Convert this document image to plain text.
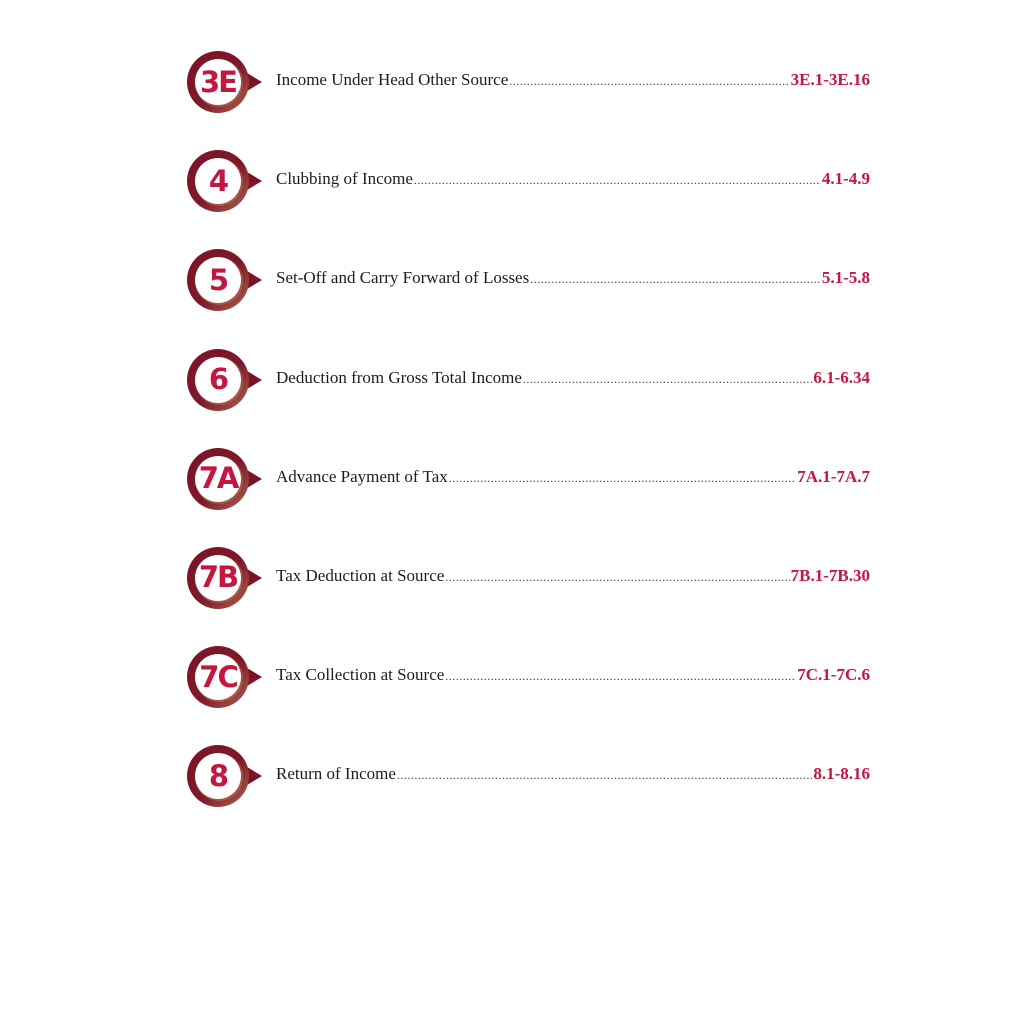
3E	Income Under Head Other Source .....	3E.1-3E.16
4	Clubbing of Income .....	4.1-4.9
5	Set-Off and Carry Forward of Losses .....	5.1-5.8
6	Deduction from Gross Total Income .....	6.1-6.34
7A Advance Payment of Tax .....	7A.1-7A.7
7B Tax Deduction at Source .....	7B.1-7B.30
7C	Tax Collection at Source .....	7C.1-7C.6
8	Return of Income .....	8.1-8.16
